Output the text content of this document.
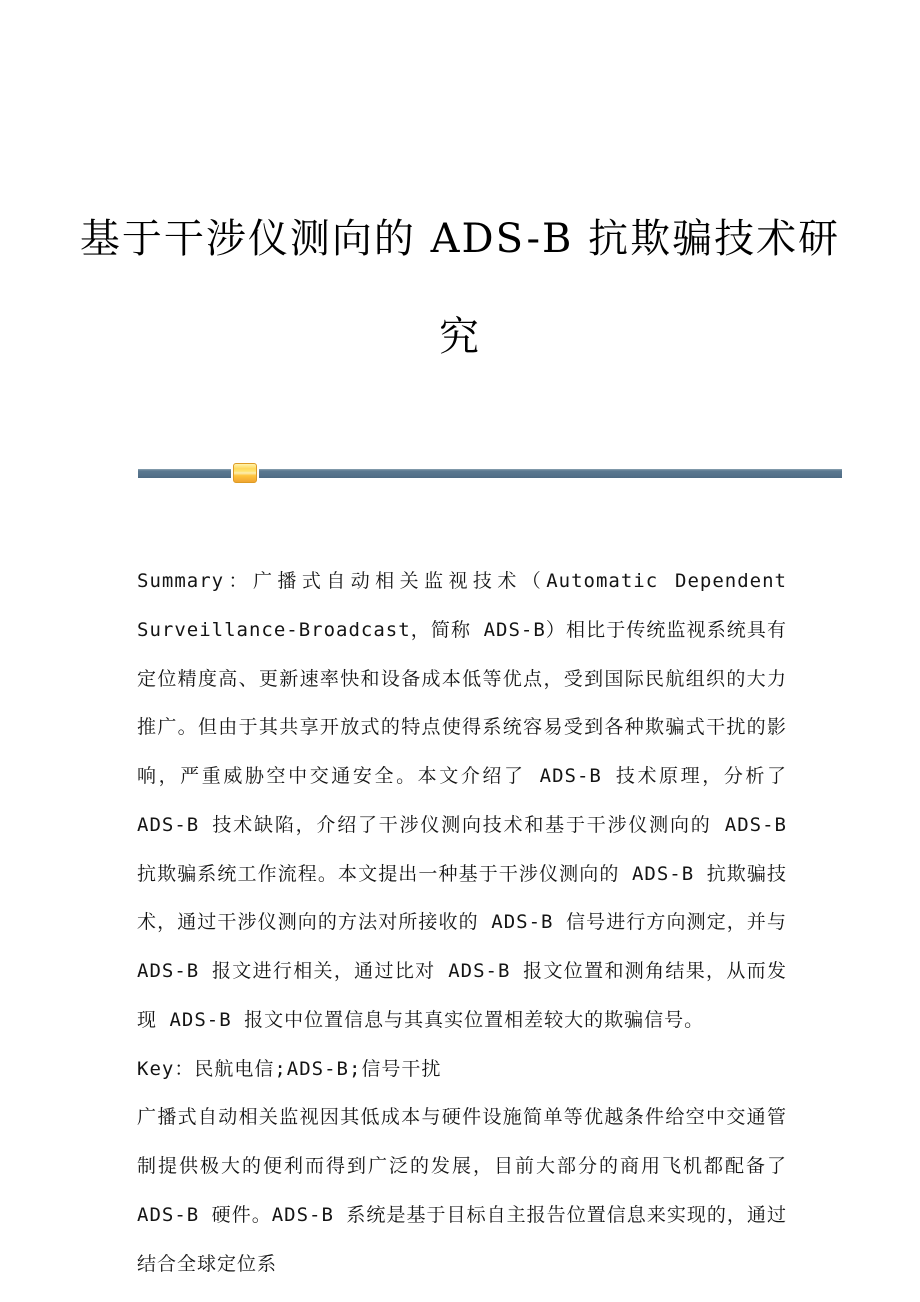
基于干涉仪测向的 ADS-B 抗欺骗技术研
究

Summary：广播式自动相关监视技术（Automatic Dependent Surveillance-Broadcast，简称 ADS-B）相比于传统监视系统具有定位精度高、更新速率快和设备成本低等优点，受到国际民航组织的大力推广。但由于其共享开放式的特点使得系统容易受到各种欺骗式干扰的影响，严重威胁空中交通安全。本文介绍了 ADS-B 技术原理，分析了 ADS-B 技术缺陷，介绍了干涉仪测向技术和基于干涉仪测向的 ADS-B 抗欺骗系统工作流程。本文提出一种基于干涉仪测向的 ADS-B 抗欺骗技术，通过干涉仪测向的方法对所接收的 ADS-B 信号进行方向测定，并与 ADS-B 报文进行相关，通过比对 ADS-B 报文位置和测角结果，从而发现 ADS-B 报文中位置信息与其真实位置相差较大的欺骗信号。

Key：民航电信;ADS-B;信号干扰

广播式自动相关监视因其低成本与硬件设施简单等优越条件给空中交通管制提供极大的便利而得到广泛的发展，目前大部分的商用飞机都配备了 ADS-B 硬件。ADS-B 系统是基于目标自主报告位置信息来实现的，通过结合全球定位系
